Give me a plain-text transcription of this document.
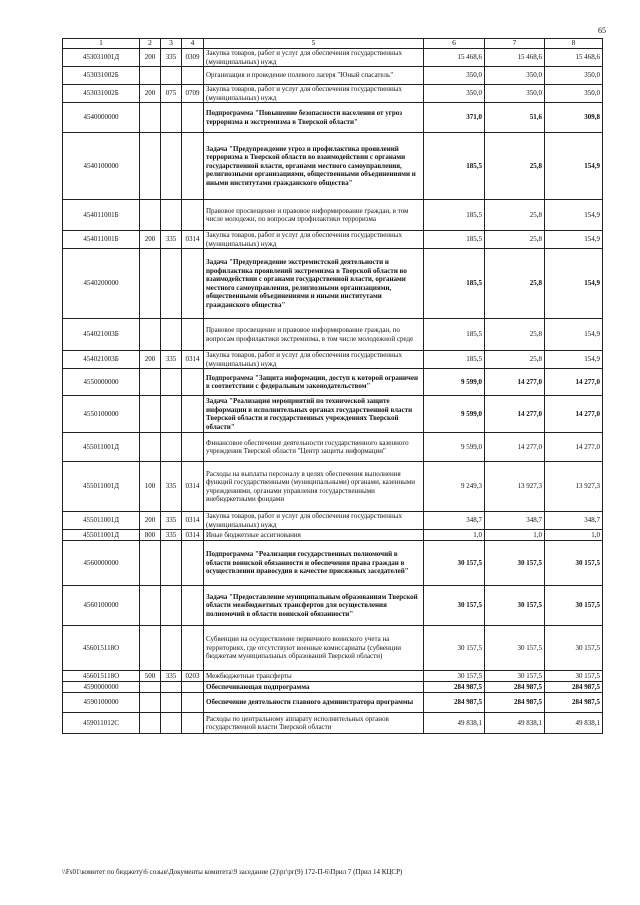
65
1	2	3	4	5	6	7	8
453031001Д	200	335	0309	Закупка товаров, работ и услуг для обеспечения государственных (муниципальных) нужд	15 468,6	15 468,6	15 468,6
453031002Б				Организация и проведение полевого лагеря "Юный спасатель"	350,0	350,0	350,0
453031002Б	200	075	0709	Закупка товаров, работ и услуг для обеспечения государственных (муниципальных) нужд	350,0	350,0	350,0
4540000000				Подпрограмма "Повышение безопасности населения от угроз терроризма и экстремизма в Тверской области"	371,0	51,6	309,8
4540100000				Задача "Предупреждение угроз и профилактика проявлений терроризма в Тверской области во взаимодействии с органами государственной власти, органами местного самоуправления, религиозными организациями, общественными объединениями и иными институтами гражданского общества"	185,5	25,8	154,9
454011001Б				Правовое просвещение и правовое информирование граждан, в том числе молодежи, по вопросам профилактики терроризма	185,5	25,8	154,9
454011001Б	200	335	0314	Закупка товаров, работ и услуг для обеспечения государственных (муниципальных) нужд	185,5	25,8	154,9
4540200000				Задача "Предупреждение экстремистской деятельности и профилактика проявлений экстремизма в Тверской области во взаимодействии с органами государственной власти, органами местного самоуправления, религиозными организациями, общественными объединениями и иными институтами гражданского общества"	185,5	25,8	154,9
454021003Б				Правовое просвещение и правовое информирование граждан, по вопросам профилактики экстремизма, в том числе молодежной среде	185,5	25,8	154,9
454021003Б	200	335	0314	Закупка товаров, работ и услуг для обеспечения государственных (муниципальных) нужд	185,5	25,8	154,9
4550000000				Подпрограмма "Защита информации, доступ к которой ограничен в соответствии с федеральным законодательством"	9 599,0	14 277,0	14 277,0
4550100000				Задача "Реализация мероприятий по технической защите информации в исполнительных органах государственной власти Тверской области и государственных учреждениях Тверской области"	9 599,0	14 277,0	14 277,0
455011001Д				Финансовое обеспечение деятельности государственного казенного учреждения Тверской области "Центр защиты информации"	9 599,0	14 277,0	14 277,0
455011001Д	100	335	0314	Расходы на выплаты персоналу в целях обеспечения выполнения функций государственными (муниципальными) органами, казенными учреждениями, органами управления государственными внебюджетными фондами	9 249,3	13 927,3	13 927,3
455011001Д	200	335	0314	Закупка товаров, работ и услуг для обеспечения государственных (муниципальных) нужд	348,7	348,7	348,7
455011001Д	800	335	0314	Иные бюджетные ассигнования	1,0	1,0	1,0
4560000000				Подпрограмма "Реализация государственных полномочий в области воинской обязанности и обеспечения права граждан в осуществлении правосудия в качестве присяжных заседателей"	30 157,5	30 157,5	30 157,5
4560100000				Задача "Предоставление муниципальным образованиям Тверской области межбюджетных трансфертов для осуществления полномочий в области воинской обязанности"	30 157,5	30 157,5	30 157,5
456015118О				Субвенции на осуществление первичного воинского учета на территориях, где отсутствуют военные комиссариаты (субвенции бюджетам муниципальных образований Тверской области)	30 157,5	30 157,5	30 157,5
456015118О	500	335	0203	Межбюджетные трансферты	30 157,5	30 157,5	30 157,5
4590000000				Обеспечивающая подпрограмма	284 987,5	284 987,5	284 987,5
4590100000				Обеспечение деятельности главного администратора программы	284 987,5	284 987,5	284 987,5
459011012С				Расходы по центральному аппарату исполнительных органов государственной власти Тверской области	49 838,1	49 838,1	49 838,1
\\Fs01\комитет по бюджету\6 созыв\Документы комитета\9 заседание (2)\рг\рг(9) 172-П-6\Прил 7 (Прил 14 КЦСР)
